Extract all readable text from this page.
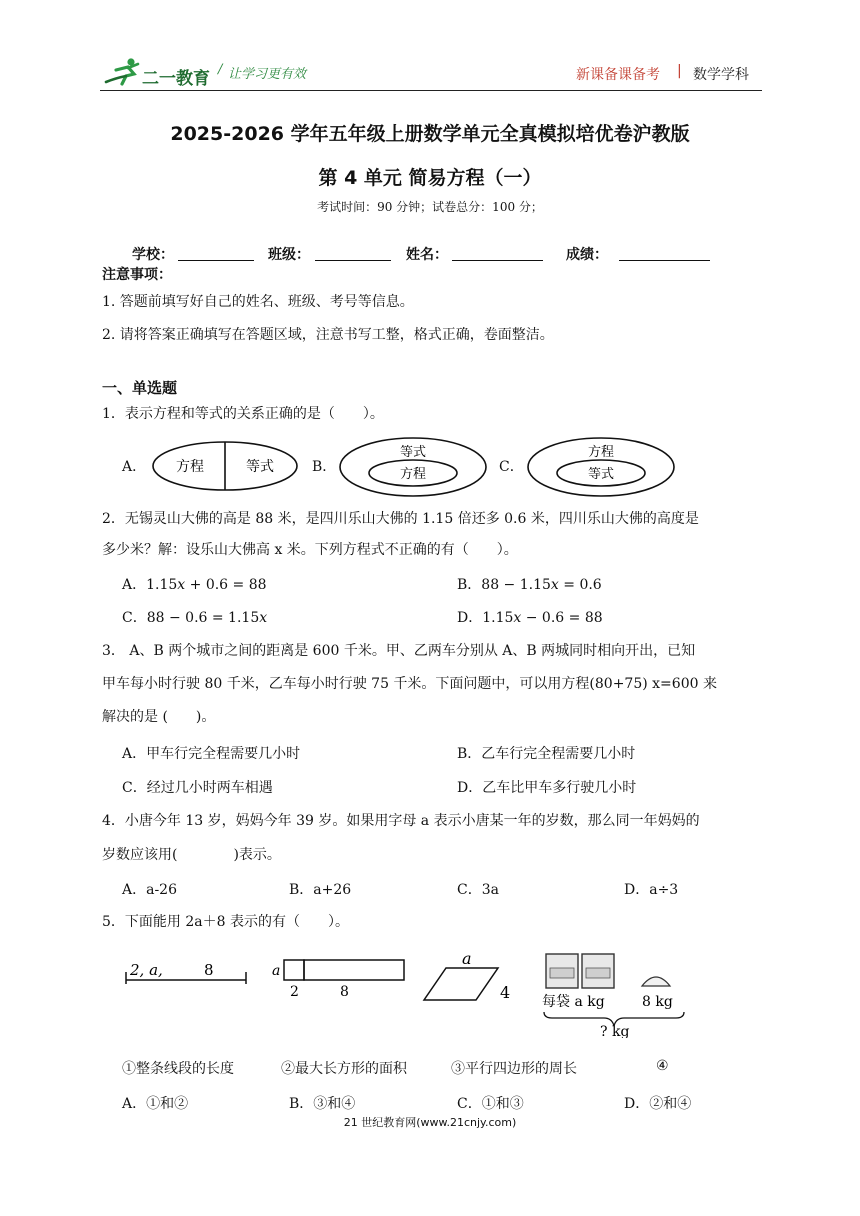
二一教育 让学习更有效
/	新课备课备考 | 数学学科
2025-2026 学年五年级上册数学单元全真模拟培优卷沪教版
第 4 单元 简易方程（一）
考试时间：90 分钟；试卷总分：100 分；
学校：	班级：	姓名：	成绩：
注意事项：
1. 答题前填写好自己的姓名、班级、考号等信息。
2. 请将答案正确填写在答题区域，注意书写工整，格式正确，卷面整洁。
一、单选题
1．表示方程和等式的关系正确的是（　　）。
A． 方程	等式	B．
等式
方程	C．
方程
等式
2．无锡灵山大佛的高是 88 米，是四川乐山大佛的 1.15 倍还多 0.6 米，四川乐山大佛的高度是
多少米？解：设乐山大佛高 x 米。下列方程式不正确的有（　　）。
A．1.15𝑥 + 0.6 = 88	B．88 − 1.15𝑥 = 0.6
C．88 − 0.6 = 1.15𝑥	D．1.15𝑥 − 0.6 = 88
3． A、B 两个城市之间的距离是 600 千米。甲、乙两车分别从 A、B 两城同时相向开出，已知
甲车每小时行驶 80 千米，乙车每小时行驶 75 千米。下面问题中，可以用方程(80+75) x=600 来
解决的是 (　　)。
A．甲车行完全程需要几小时	B．乙车行完全程需要几小时
C．经过几小时两车相遇	D．乙车比甲车多行驶几小时
4．小唐今年 13 岁，妈妈今年 39 岁。如果用字母 a 表示小唐某一年的岁数，那么同一年妈妈的
岁数应该用(　　　　)表示。
A．a-26	B．a+26	C．3a	D．a÷3
5．下面能用 2a＋8 表示的有（　　）。
2, a,	8	a
2	8
a
4 每袋 a kg	8 kg
? kg
①整条线段的长度	②最大长方形的面积	③平行四边形的周长	④
A．①和②	B．③和④	C．①和③	D．②和④
21 世纪教育网(www.21cnjy.com)
